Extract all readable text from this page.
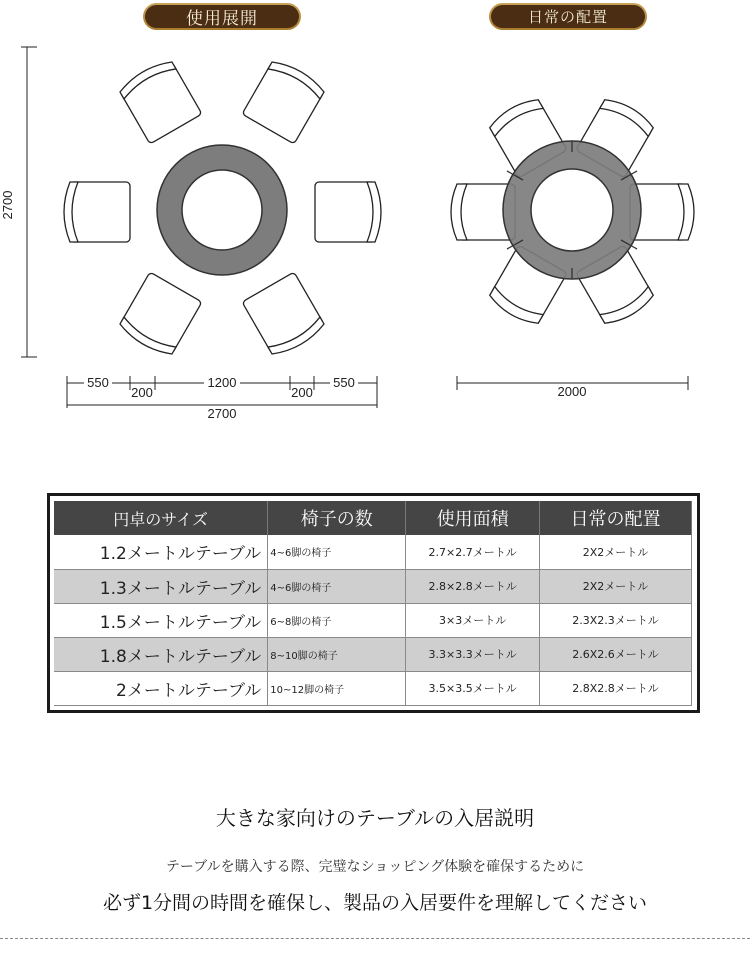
使用展開	日常の配置
2700
550
200
1200
200
550
2700
2000
円卓のサイズ	椅子の数	使用面積	日常の配置
1.2メートルテーブル	4~6脚の椅子	2.7×2.7メートル	2X2メートル
1.3メートルテーブル	4~6脚の椅子	2.8×2.8メートル	2X2メートル
1.5メートルテーブル	6~8脚の椅子	3×3メートル	2.3X2.3メートル
1.8メートルテーブル	8~10脚の椅子	3.3×3.3メートル	2.6X2.6メートル
2メートルテーブル	10~12脚の椅子	3.5×3.5メートル	2.8X2.8メートル
大きな家向けのテーブルの入居説明
テーブルを購入する際、完璧なショッピング体験を確保するために
必ず1分間の時間を確保し、製品の入居要件を理解してください
